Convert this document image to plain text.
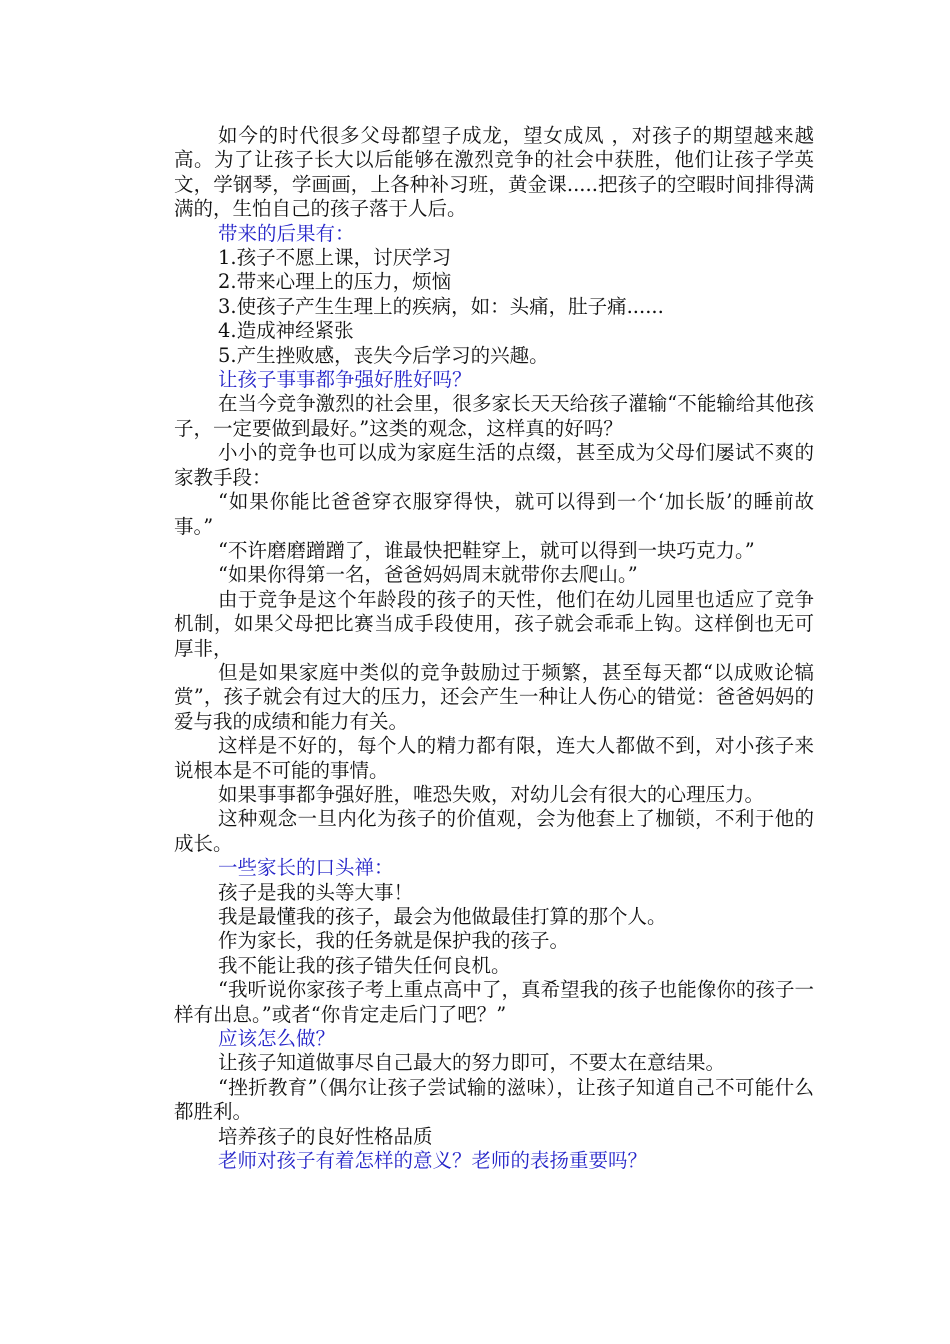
如今的时代很多父母都望子成龙，望女成凤 ，对孩子的期望越来越高。为了让孩子长大以后能够在激烈竞争的社会中获胜，他们让孩子学英文，学钢琴，学画画，上各种补习班，黄金课.....把孩子的空暇时间排得满满的，生怕自己的孩子落于人后。

带来的后果有：

1.孩子不愿上课，讨厌学习

2.带来心理上的压力，烦恼

3.使孩子产生生理上的疾病，如：头痛，肚子痛......

4.造成神经紧张

5.产生挫败感，丧失今后学习的兴趣。

让孩子事事都争强好胜好吗？

在当今竞争激烈的社会里，很多家长天天给孩子灌输“不能输给其他孩子，一定要做到最好。”这类的观念，这样真的好吗？

小小的竞争也可以成为家庭生活的点缀，甚至成为父母们屡试不爽的家教手段：

“如果你能比爸爸穿衣服穿得快，就可以得到一个‘加长版’的睡前故事。”

“不许磨磨蹭蹭了，谁最快把鞋穿上，就可以得到一块巧克力。”

“如果你得第一名，爸爸妈妈周末就带你去爬山。”

由于竞争是这个年龄段的孩子的天性，他们在幼儿园里也适应了竞争机制，如果父母把比赛当成手段使用，孩子就会乖乖上钩。这样倒也无可厚非，

但是如果家庭中类似的竞争鼓励过于频繁，甚至每天都“以成败论犒赏”，孩子就会有过大的压力，还会产生一种让人伤心的错觉：爸爸妈妈的爱与我的成绩和能力有关。

这样是不好的，每个人的精力都有限，连大人都做不到，对小孩子来说根本是不可能的事情。

如果事事都争强好胜，唯恐失败，对幼儿会有很大的心理压力。

这种观念一旦内化为孩子的价值观，会为他套上了枷锁，不利于他的成长。

一些家长的口头禅：

孩子是我的头等大事！

我是最懂我的孩子，最会为他做最佳打算的那个人。

作为家长，我的任务就是保护我的孩子。

我不能让我的孩子错失任何良机。

“我听说你家孩子考上重点高中了，真希望我的孩子也能像你的孩子一样有出息。”或者“你肯定走后门了吧？”

应该怎么做？

让孩子知道做事尽自己最大的努力即可，不要太在意结果。

“挫折教育”（偶尔让孩子尝试输的滋味），让孩子知道自己不可能什么都胜利。

培养孩子的良好性格品质

老师对孩子有着怎样的意义？老师的表扬重要吗？
